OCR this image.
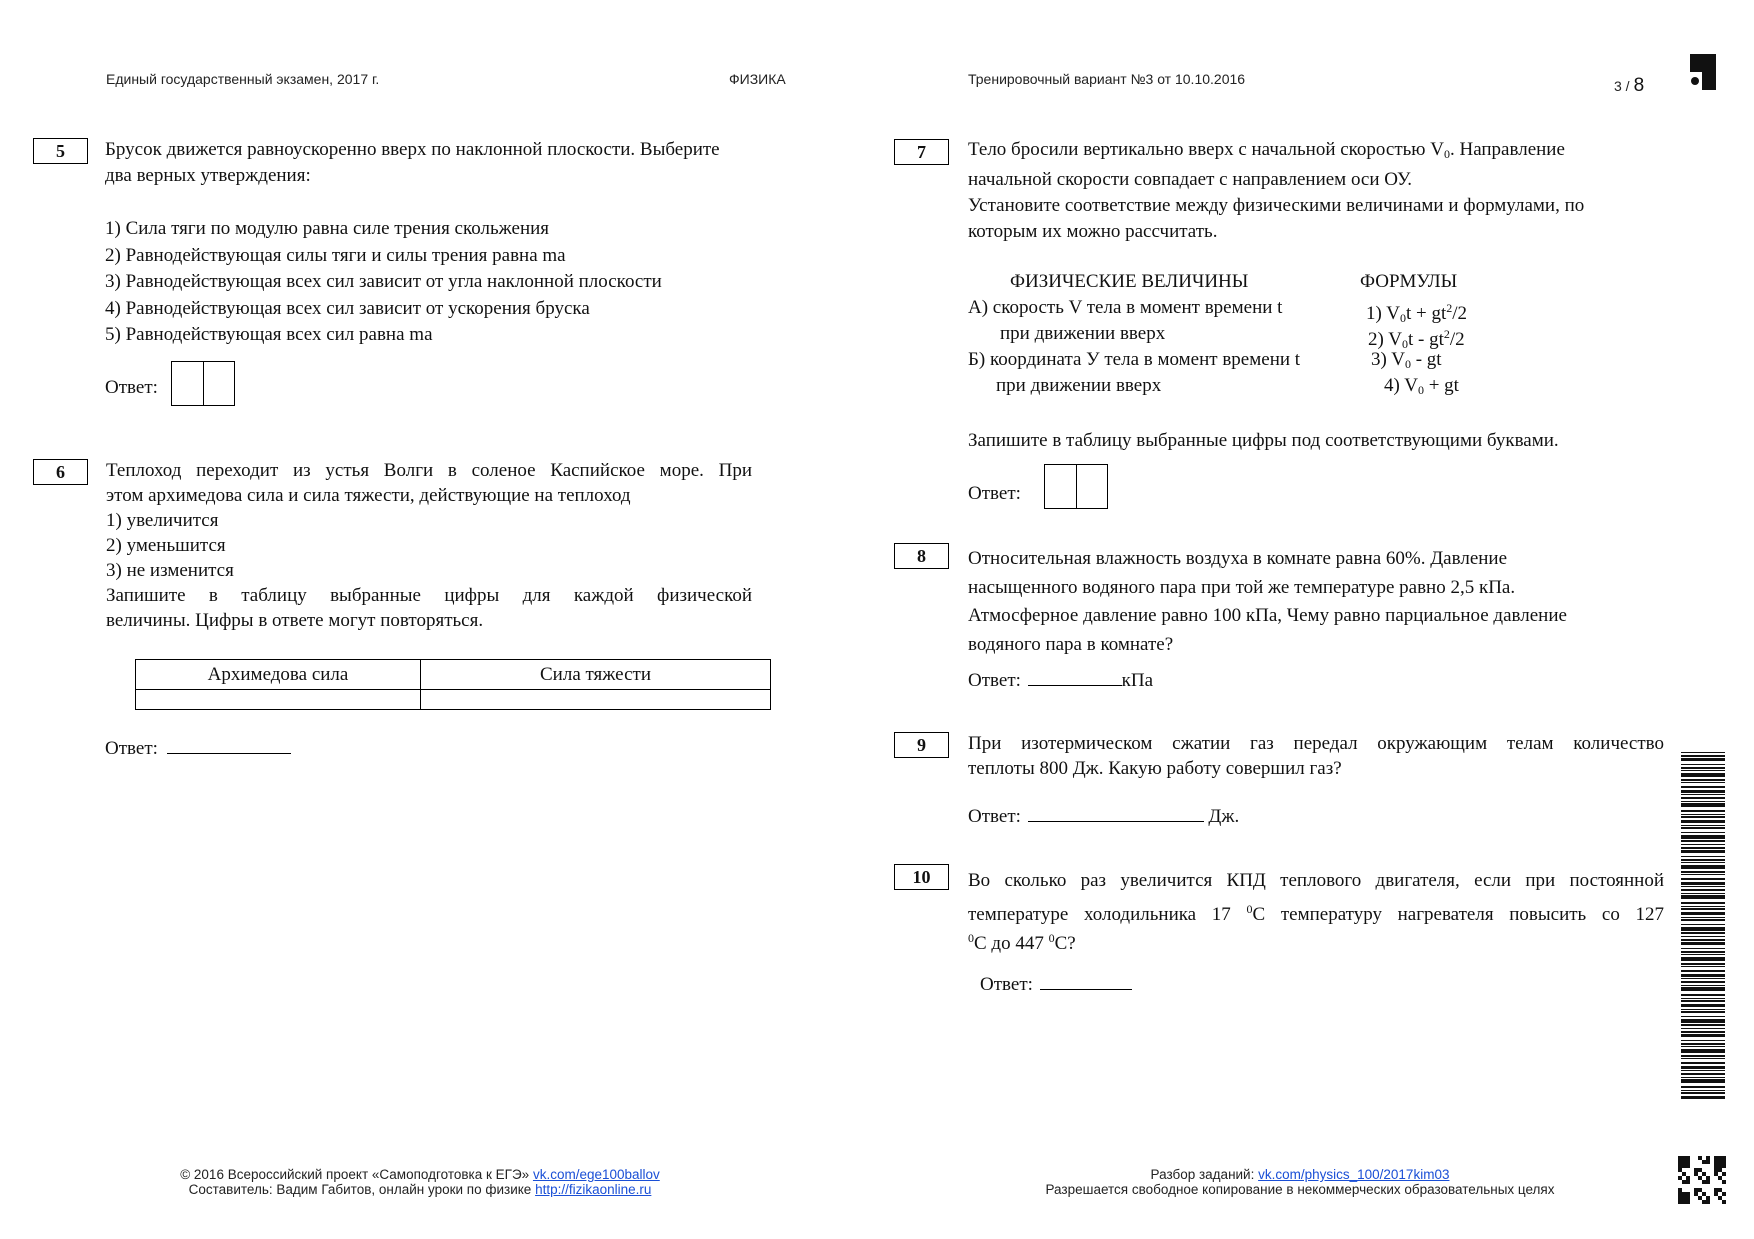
Единый государственный экзамен, 2017 г.	ФИЗИКА	Тренировочный вариант №3 от 10.10.2016	3 / 8
5	Брусок движется равноускоренно вверх по наклонной плоскости. Выберите
два верных утверждения:
1) Сила тяги по модулю равна силе трения скольжения
2) Равнодействующая силы тяги и силы трения равна ma
3) Равнодействующая всех сил зависит от угла наклонной плоскости
4) Равнодействующая всех сил зависит от ускорения бруска
5) Равнодействующая всех сил равна ma
Ответ:
6	Теплоход переходит из устья Волги в соленое Каспийское море. При
этом архимедова сила и сила тяжести, действующие на теплоход
1) увеличится
2) уменьшится
3) не изменится
Запишите в таблицу выбранные цифры для каждой физической
величины. Цифры в ответе могут повторяться.
Архимедова сила	Сила тяжести

Ответ:
7	Тело бросили вертикально вверх с начальной скоростью $V_0$. Направление
начальной скорости совпадает с направлением оси ОУ.
Установите соответствие между физическими величинами и формулами, по
которым их можно рассчитать.
ФИЗИЧЕСКИЕ ВЕЛИЧИНЫ	ФОРМУЛЫ
А) скорость V тела в момент времени t
при движении вверх
Б) координата У тела в момент времени t
при движении вверх
1) $V_0t + gt^2/2$
2) $V_0t - gt^2/2$
3) $V_0$ - gt
4) $V_0$ + gt
Запишите в таблицу выбранные цифры под соответствующими буквами.
Ответ:
8	Относительная влажность воздуха в комнате равна 60%. Давление
насыщенного водяного пара при той же температуре равно 2,5 кПа.
Атмосферное давление равно 100 кПа, Чему равно парциальное давление
водяного пара в комнате?
Ответ:	кПа
9	При изотермическом сжатии газ передал окружающим телам количество
теплоты 800 Дж. Какую работу совершил газ?
Ответ:	Дж.
10	Во сколько раз увеличится КПД теплового двигателя, если при постоянной
температуре холодильника 17 $^0$С температуру нагревателя повысить со 127
$^0$С до 447 $^0$С?
Ответ:
© 2016 Всероссийский проект «Самоподготовка к ЕГЭ» vk.com/ege100ballov
Составитель: Вадим Габитов, онлайн уроки по физике http://fizikaonline.ru
Разбор заданий: vk.com/physics_100/2017kim03
Разрешается свободное копирование в некоммерческих образовательных целях
